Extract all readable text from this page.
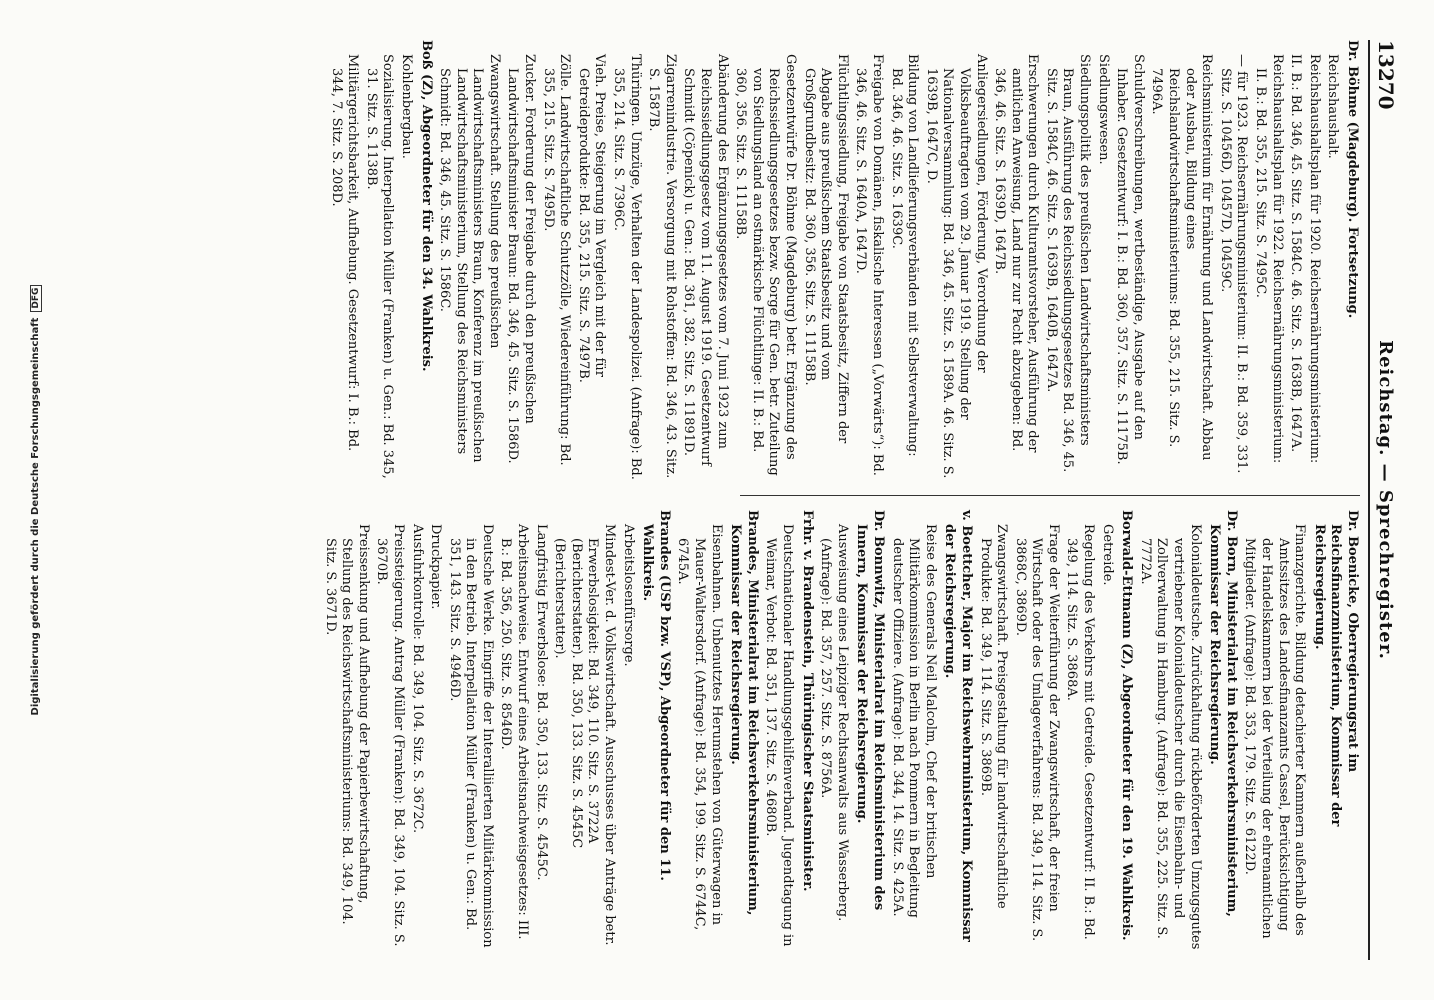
Digitalisierung gefördert durch die Deutsche ForschungsgemeinschaftDFG
13270
Reichstag. — Sprechregister.
Dr. Böhme (Magdeburg). Fortsetzung.
Reichshaushalt.
Reichshaushaltsplan für 1920. Reichsernährungsministerium:
II. B.: Bd. 346, 45. Sitz. S. 1584C. 46. Sitz. S. 1638B, 1647A.
Reichshaushaltsplan für 1922. Reichsernährungsministerium: II. B.: Bd. 355, 215. Sitz. S. 7495C.
— für 1923. Reichsernährungsministerium: II. B.: Bd. 359, 331. Sitz. S. 10456D, 10457D, 10459C.
Reichsministerium für Ernährung und Landwirtschaft. Abbau oder Ausbau, Bildung eines Reichslandwirtschaftsministeriums: Bd. 355, 215. Sitz. S. 7496A.
Schuldverschreibungen, wertbeständige, Ausgabe auf den Inhaber. Gesetzentwurf: I. B.: Bd. 360, 357. Sitz. S. 11175B.
Siedlungswesen.
Siedlungspolitik des preußischen Landwirtschaftsministers Braun, Ausführung des Reichssiedlungsgesetzes Bd. 346, 45. Sitz. S. 1584C, 46. Sitz. S. 1639B, 1640B, 1647A.
Erschwerungen durch Kulturamtsvorsteher, Ausführung der amtlichen Anweisung, Land nur zur Pacht abzugeben: Bd. 346, 46. Sitz. S. 1639D, 1647B.
Anliegersiedlungen, Förderung, Verordnung der Volksbeauftragten vom 29. Januar 1919. Stellung der Nationalversammlung: Bd. 346, 45. Sitz. S. 1589A. 46. Sitz. S. 1639B, 1647C, D.
Bildung von Landlieferungsverbänden mit Selbstverwaltung: Bd. 346, 46. Sitz. S. 1639C.
Freigabe von Domänen, fiskalische Interessen („Vorwärts“): Bd. 346, 46. Sitz. S. 1640A, 1647D.
Flüchtlingssiedlung, Freigabe von Staatsbesitz, Ziffern der Abgabe aus preußischem Staatsbesitz und vom Großgrundbesitz: Bd. 360, 356. Sitz. S. 11158B.
Gesetzentwürfe Dr. Böhme (Magdeburg) betr. Ergänzung des Reichssiedlungsgesetzes bezw. Sorge für Gen. betr. Zuteilung von Siedlungsland an ostmärkische Flüchtlinge: II. B.: Bd. 360, 356. Sitz. S. 11158B.
Abänderung des Ergänzungsgesetzes vom 7. Juni 1923 zum Reichssiedlungsgesetz vom 11. August 1919. Gesetzentwurf Schmidt (Cöpenick) u. Gen.: Bd. 361, 382. Sitz. S. 11891D.
Zigarrenindustrie. Versorgung mit Rohstoffen: Bd. 346, 43. Sitz. S. 1587B.
Thüringen. Umzüge, Verhalten der Landespolizei. (Anfrage): Bd. 355, 214. Sitz. S. 7396C.
Vieh. Preise, Steigerung im Vergleich mit der für Getreideprodukte: Bd. 355, 215. Sitz. S. 7497B.
Zölle. Landwirtschaftliche Schutzzölle, Wiedereinführung: Bd. 355, 215. Sitz. S. 7495D.
Zucker. Forderung der Freigabe durch den preußischen Landwirtschaftsminister Braun: Bd. 346, 45. Sitz. S. 1586D.
Zwangswirtschaft. Stellung des preußischen Landwirtschaftsministers Braun, Konferenz im preußischen Landwirtschaftsministerium, Stellung des Reichsministers Schmidt: Bd. 346, 45. Sitz. S. 1586C.
Boß (Z), Abgeordneter für den 34. Wahlkreis.
Kohlenbergbau.
Sozialisierung. Interpellation Müller (Franken) u. Gen.: Bd. 345, 31. Sitz. S. 1138B.
Militärgerichtsbarkeit, Aufhebung. Gesetzentwurf: I. B.: Bd. 344, 7. Sitz. S. 208D.
Dr. Boenicke, Oberregierungsrat im Reichsfinanzministerium, Kommissar der Reichsregierung.
Finanzgerichte. Bildung detachierter Kammern außerhalb des Amtssitzes des Landesfinanzamts Cassel, Berücksichtigung der Handelskammern bei der Verteilung der ehrenamtlichen Mitglieder. (Anfrage): Bd. 353, 179. Sitz. S. 6122D.
Dr. Born, Ministerialrat im Reichsverkehrsministerium, Kommissar der Reichsregierung.
Kolonialdeutsche. Zurückhaltung rückbeförderten Umzugsgutes vertriebener Kolonialdeutscher durch die Eisenbahn- und Zollverwaltung in Hamburg. (Anfrage): Bd. 355, 225. Sitz. S. 7772A.
Borwald-Ettmann (Z), Abgeordneter für den 19. Wahlkreis.
Getreide.
Regelung des Verkehrs mit Getreide. Gesetzentwurf: II. B.: Bd. 349, 114. Sitz. S. 3868A.
Frage der Weiterführung der Zwangswirtschaft, der freien Wirtschaft oder des Umlageverfahrens: Bd. 349, 114. Sitz. S. 3868C, 3869D.
Zwangswirtschaft. Preisgestaltung für landwirtschaftliche Produkte: Bd. 349, 114. Sitz. S. 3869B.
v. Boettcher, Major im Reichswehrministerium, Kommissar der Reichsregierung.
Reise des Generals Neil Malcolm, Chef der britischen Militärkommission in Berlin nach Pommern in Begleitung deutscher Offiziere. (Anfrage): Bd. 344, 14. Sitz. S. 425A.
Dr. Bonnwitz, Ministerialrat im Reichsministerium des Innern, Kommissar der Reichsregierung.
Ausweisung eines Leipziger Rechtsanwalts aus Wasserberg. (Anfrage): Bd. 357, 257. Sitz. S. 8756A.
Frhr. v. Brandenstein, Thüringischer Staatsminister.
Deutschnationaler Handlungsgehilfenverband. Jugendtagung in Weimar, Verbot: Bd. 351, 137. Sitz. S. 4680B.
Brandes, Ministerialrat im Reichsverkehrsministerium, Kommissar der Reichsregierung.
Eisenbahnen. Unbenutztes Herumstehen von Güterwagen in Mauer-Waltersdorf. (Anfrage): Bd. 354, 199. Sitz. S. 6744C, 6745A.
Brandes (USP bzw. VSP), Abgeordneter für den 11. Wahlkreis.
Arbeitslosenfürsorge.
Mindest-Ver. d. Volkswirtschaft. Ausschusses über Anträge betr. Erwerbslosigkeit: Bd. 349, 110. Sitz. S. 3722A (Berichterstatter). Bd. 350, 133. Sitz. S. 4545C (Berichterstatter).
Langfristig Erwerbslose: Bd. 350, 133. Sitz. S. 4545C.
Arbeitsnachweise. Entwurf eines Arbeitsnachweisgesetzes: III. B.: Bd. 356, 250. Sitz. S. 8546D.
Deutsche Werke. Eingriffe der Interalliierten Militärkommission in den Betrieb. Interpellation Müller (Franken) u. Gen.: Bd. 351, 143. Sitz. S. 4946D.
Druckpapier.
Ausfuhrkontrolle: Bd. 349, 104. Sitz. S. 3672C.
Preissteigerung. Antrag Müller (Franken): Bd. 349, 104. Sitz. S. 3670B.
Preissenkung und Aufhebung der Papierbewirtschaftung, Stellung des Reichswirtschaftsministeriums: Bd. 349, 104. Sitz. S. 3671D.
